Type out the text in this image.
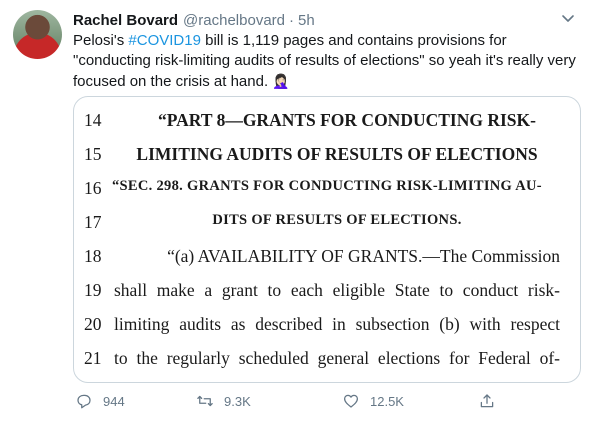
Rachel Bovard @rachelbovard · 5h
Pelosi's #COVID19 bill is 1,119 pages and contains provisions for "conducting risk-limiting audits of results of elections" so yeah it's really very focused on the crisis at hand. 🤦🏻‍♀️
14	“PART 8—GRANTS FOR CONDUCTING RISK-
15	LIMITING AUDITS OF RESULTS OF ELECTIONS
16 “SEC. 298. GRANTS FOR CONDUCTING RISK-LIMITING AU-
17	DITS OF RESULTS OF ELECTIONS.
18	“(a) AVAILABILITY OF GRANTS.—The Commission
19 shall make a grant to each eligible State to conduct risk-
20 limiting audits as described in subsection (b) with respect
21 to the regularly scheduled general elections for Federal of-
944	9.3K	12.5K
